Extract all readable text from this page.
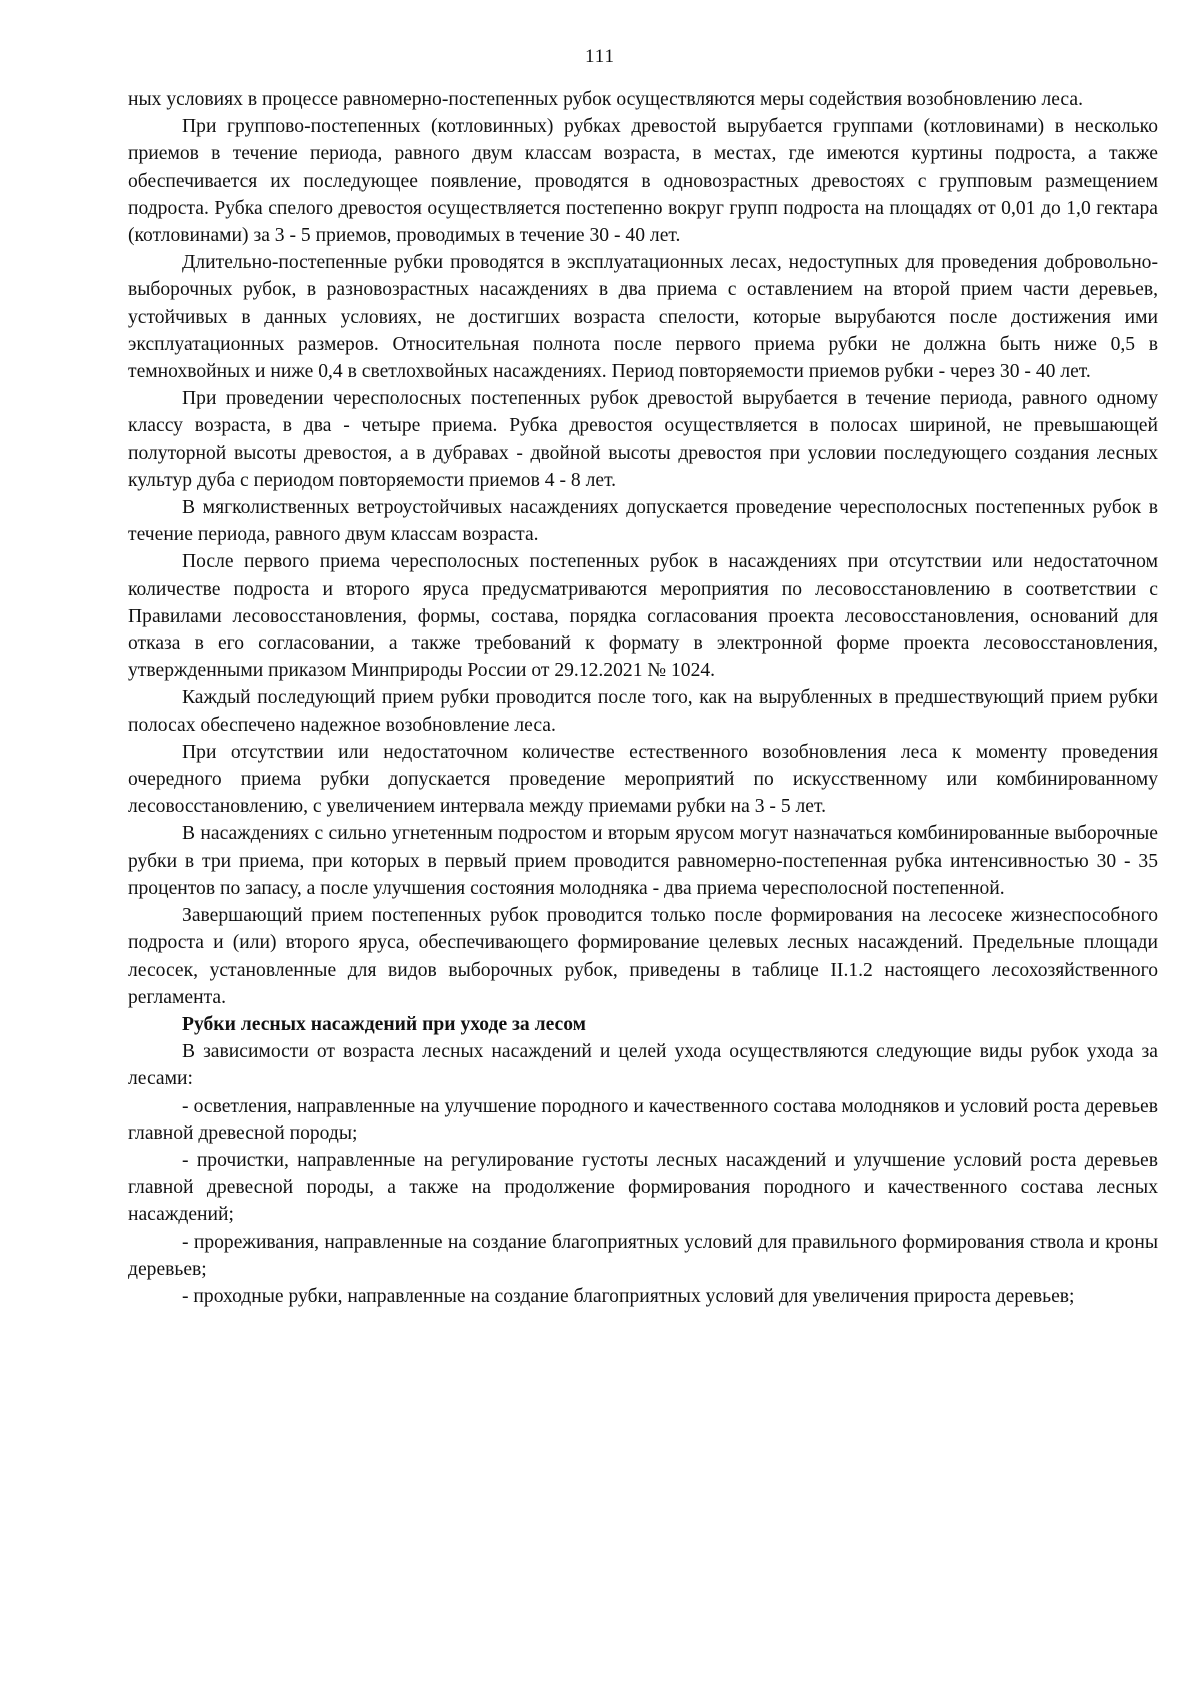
111

ных условиях в процессе равномерно-постепенных рубок осуществляются меры содействия возобновлению леса.

При группово-постепенных (котловинных) рубках древостой вырубается группами (котловинами) в несколько приемов в течение периода, равного двум классам возраста, в местах, где имеются куртины подроста, а также обеспечивается их последующее появление, проводятся в одновозрастных древостоях с групповым размещением подроста. Рубка спелого древостоя осуществляется постепенно вокруг групп подроста на площадях от 0,01 до 1,0 гектара (котловинами) за 3 - 5 приемов, проводимых в течение 30 - 40 лет.

Длительно-постепенные рубки проводятся в эксплуатационных лесах, недоступных для проведения добровольно-выборочных рубок, в разновозрастных насаждениях в два приема с оставлением на второй прием части деревьев, устойчивых в данных условиях, не достигших возраста спелости, которые вырубаются после достижения ими эксплуатационных размеров. Относительная полнота после первого приема рубки не должна быть ниже 0,5 в темнохвойных и ниже 0,4 в светлохвойных насаждениях. Период повторяемости приемов рубки - через 30 - 40 лет.

При проведении чересполосных постепенных рубок древостой вырубается в течение периода, равного одному классу возраста, в два - четыре приема. Рубка древостоя осуществляется в полосах шириной, не превышающей полуторной высоты древостоя, а в дубравах - двойной высоты древостоя при условии последующего создания лесных культур дуба с периодом повторяемости приемов 4 - 8 лет.

В мягколиственных ветроустойчивых насаждениях допускается проведение чересполосных постепенных рубок в течение периода, равного двум классам возраста.

После первого приема чересполосных постепенных рубок в насаждениях при отсутствии или недостаточном количестве подроста и второго яруса предусматриваются мероприятия по лесовосстановлению в соответствии с Правилами лесовосстановления, формы, состава, порядка согласования проекта лесовосстановления, оснований для отказа в его согласовании, а также требований к формату в электронной форме проекта лесовосстановления, утвержденными приказом Минприроды России от 29.12.2021 № 1024.

Каждый последующий прием рубки проводится после того, как на вырубленных в предшествующий прием рубки полосах обеспечено надежное возобновление леса.

При отсутствии или недостаточном количестве естественного возобновления леса к моменту проведения очередного приема рубки допускается проведение мероприятий по искусственному или комбинированному лесовосстановлению, с увеличением интервала между приемами рубки на 3 - 5 лет.

В насаждениях с сильно угнетенным подростом и вторым ярусом могут назначаться комбинированные выборочные рубки в три приема, при которых в первый прием проводится равномерно-постепенная рубка интенсивностью 30 - 35 процентов по запасу, а после улучшения состояния молодняка - два приема чересполосной постепенной.

Завершающий прием постепенных рубок проводится только после формирования на лесосеке жизнеспособного подроста и (или) второго яруса, обеспечивающего формирование целевых лесных насаждений. Предельные площади лесосек, установленные для видов выборочных рубок, приведены в таблице II.1.2 настоящего лесохозяйственного регламента.

Рубки лесных насаждений при уходе за лесом

В зависимости от возраста лесных насаждений и целей ухода осуществляются следующие виды рубок ухода за лесами:

- осветления, направленные на улучшение породного и качественного состава молодняков и условий роста деревьев главной древесной породы;

- прочистки, направленные на регулирование густоты лесных насаждений и улучшение условий роста деревьев главной древесной породы, а также на продолжение формирования породного и качественного состава лесных насаждений;

- прореживания, направленные на создание благоприятных условий для правильного формирования ствола и кроны деревьев;

- проходные рубки, направленные на создание благоприятных условий для увеличения прироста деревьев;
